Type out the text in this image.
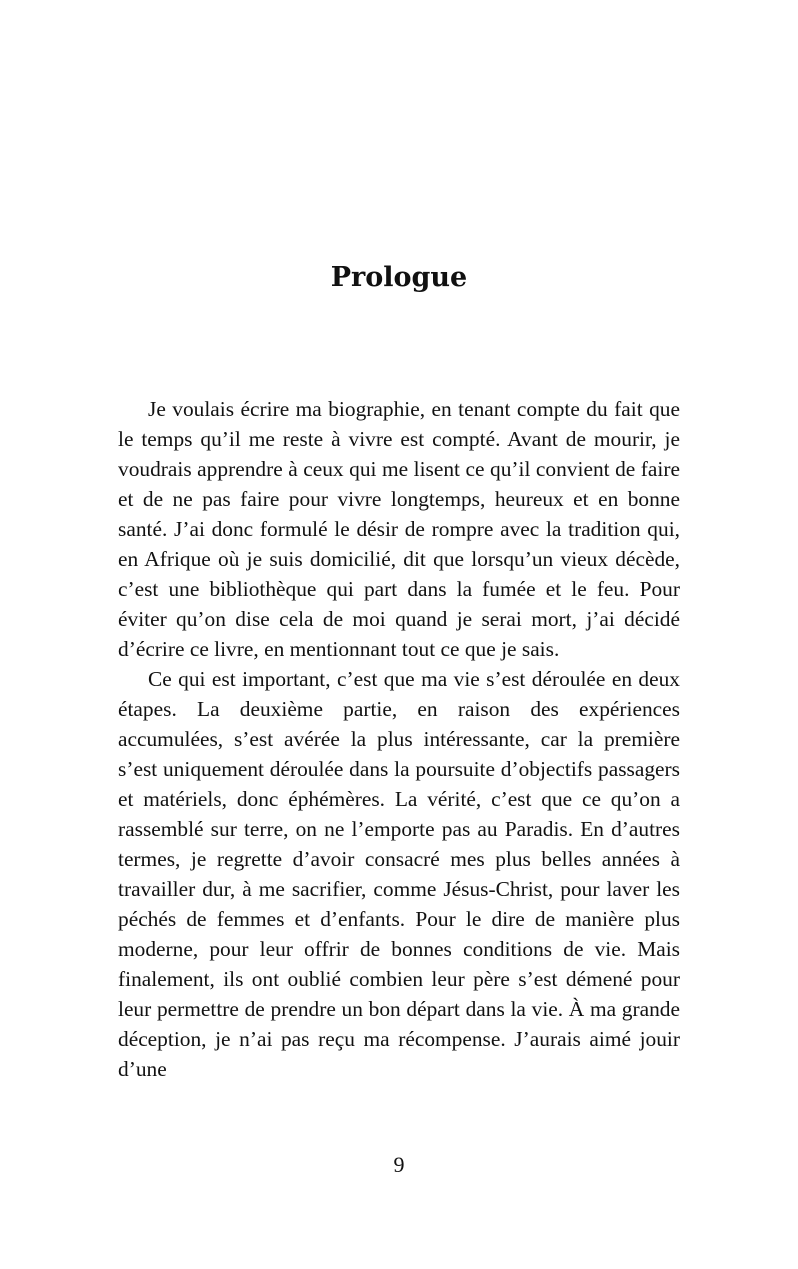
Prologue

Je voulais écrire ma biographie, en tenant compte du fait que le temps qu’il me reste à vivre est compté. Avant de mourir, je voudrais apprendre à ceux qui me lisent ce qu’il convient de faire et de ne pas faire pour vivre longtemps, heureux et en bonne santé. J’ai donc formulé le désir de rompre avec la tradition qui, en Afrique où je suis domicilié, dit que lorsqu’un vieux décède, c’est une bibliothèque qui part dans la fumée et le feu. Pour éviter qu’on dise cela de moi quand je serai mort, j’ai décidé d’écrire ce livre, en mentionnant tout ce que je sais.

Ce qui est important, c’est que ma vie s’est déroulée en deux étapes. La deuxième partie, en raison des expériences accumulées, s’est avérée la plus intéressante, car la première s’est uniquement déroulée dans la poursuite d’objectifs passagers et matériels, donc éphémères. La vérité, c’est que ce qu’on a rassemblé sur terre, on ne l’emporte pas au Paradis. En d’autres termes, je regrette d’avoir consacré mes plus belles années à travailler dur, à me sacrifier, comme Jésus-Christ, pour laver les péchés de femmes et d’enfants. Pour le dire de manière plus moderne, pour leur offrir de bonnes conditions de vie. Mais finalement, ils ont oublié combien leur père s’est démené pour leur permettre de prendre un bon départ dans la vie. À ma grande déception, je n’ai pas reçu ma récompense. J’aurais aimé jouir d’une

9
